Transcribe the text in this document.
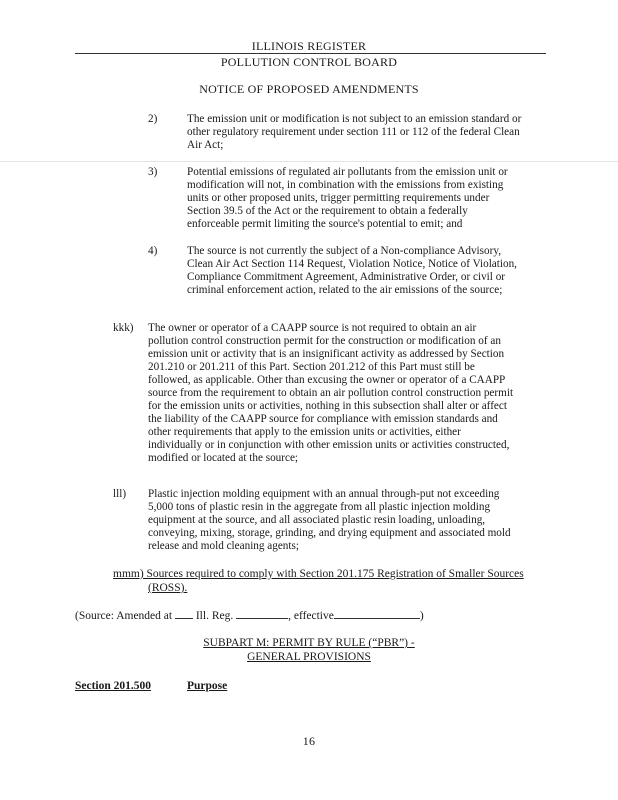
ILLINOIS REGISTER
POLLUTION CONTROL BOARD
NOTICE OF PROPOSED AMENDMENTS
2)	The emission unit or modification is not subject to an emission standard or
other regulatory requirement under section 111 or 112 of the federal Clean
Air Act;
3)	Potential emissions of regulated air pollutants from the emission unit or
modification will not, in combination with the emissions from existing
units or other proposed units, trigger permitting requirements under
Section 39.5 of the Act or the requirement to obtain a federally
enforceable permit limiting the source's potential to emit; and
4)	The source is not currently the subject of a Non-compliance Advisory,
Clean Air Act Section 114 Request, Violation Notice, Notice of Violation,
Compliance Commitment Agreement, Administrative Order, or civil or
criminal enforcement action, related to the air emissions of the source;
kkk) The owner or operator of a CAAPP source is not required to obtain an air
pollution control construction permit for the construction or modification of an
emission unit or activity that is an insignificant activity as addressed by Section
201.210 or 201.211 of this Part. Section 201.212 of this Part must still be
followed, as applicable. Other than excusing the owner or operator of a CAAPP
source from the requirement to obtain an air pollution control construction permit
for the emission units or activities, nothing in this subsection shall alter or affect
the liability of the CAAPP source for compliance with emission standards and
other requirements that apply to the emission units or activities, either
individually or in conjunction with other emission units or activities constructed,
modified or located at the source;
lll) Plastic injection molding equipment with an annual through-put not exceeding
5,000 tons of plastic resin in the aggregate from all plastic injection molding
equipment at the source, and all associated plastic resin loading, unloading,
conveying, mixing, storage, grinding, and drying equipment and associated mold
release and mold cleaning agents;
mmm) Sources required to comply with Section 201.175 Registration of Smaller Sources
(ROSS).
(Source: Amended at  Ill. Reg.	, effective	)
SUBPART M: PERMIT BY RULE (“PBR”) -
GENERAL PROVISIONS
Section 201.500	Purpose
16
